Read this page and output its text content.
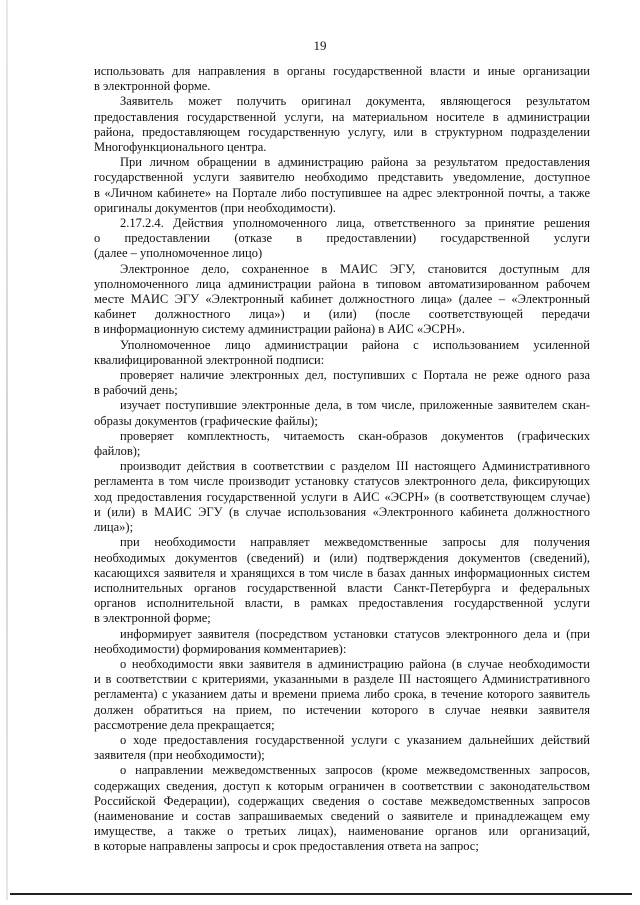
19
использовать для направления в органы государственной власти и иные организации
в электронной форме.
Заявитель может получить оригинал документа, являющегося результатом
предоставления государственной услуги, на материальном носителе в администрации
района, предоставляющем государственную услугу, или в структурном подразделении
Многофункционального центра.
При личном обращении в администрацию района за результатом предоставления
государственной услуги заявителю необходимо представить уведомление, доступное
в «Личном кабинете» на Портале либо поступившее на адрес электронной почты, а также
оригиналы документов (при необходимости).
2.17.2.4. Действия уполномоченного лица, ответственного за принятие решения
о предоставлении (отказе в предоставлении) государственной услуги
(далее – уполномоченное лицо)
Электронное дело, сохраненное в МАИС ЭГУ, становится доступным для
уполномоченного лица администрации района в типовом автоматизированном рабочем
месте МАИС ЭГУ «Электронный кабинет должностного лица» (далее – «Электронный
кабинет должностного лица») и (или) (после соответствующей передачи
в информационную систему администрации района) в АИС «ЭСРН».
Уполномоченное лицо администрации района с использованием усиленной
квалифицированной электронной подписи:
проверяет наличие электронных дел, поступивших с Портала не реже одного раза
в рабочий день;
изучает поступившие электронные дела, в том числе, приложенные заявителем скан-
образы документов (графические файлы);
проверяет комплектность, читаемость скан-образов документов (графических
файлов);
производит действия в соответствии с разделом III настоящего Административного
регламента в том числе производит установку статусов электронного дела, фиксирующих
ход предоставления государственной услуги в АИС «ЭСРН» (в соответствующем случае)
и (или) в МАИС ЭГУ (в случае использования «Электронного кабинета должностного
лица»);
при необходимости направляет межведомственные запросы для получения
необходимых документов (сведений) и (или) подтверждения документов (сведений),
касающихся заявителя и хранящихся в том числе в базах данных информационных систем
исполнительных органов государственной власти Санкт-Петербурга и федеральных
органов исполнительной власти, в рамках предоставления государственной услуги
в электронной форме;
информирует заявителя (посредством установки статусов электронного дела и (при
необходимости) формирования комментариев):
о необходимости явки заявителя в администрацию района (в случае необходимости
и в соответствии с критериями, указанными в разделе III настоящего Административного
регламента) с указанием даты и времени приема либо срока, в течение которого заявитель
должен обратиться на прием, по истечении которого в случае неявки заявителя
рассмотрение дела прекращается;
о ходе предоставления государственной услуги с указанием дальнейших действий
заявителя (при необходимости);
о направлении межведомственных запросов (кроме межведомственных запросов,
содержащих сведения, доступ к которым ограничен в соответствии с законодательством
Российской Федерации), содержащих сведения о составе межведомственных запросов
(наименование и состав запрашиваемых сведений о заявителе и принадлежащем ему
имуществе, а также о третьих лицах), наименование органов или организаций,
в которые направлены запросы и срок предоставления ответа на запрос;
